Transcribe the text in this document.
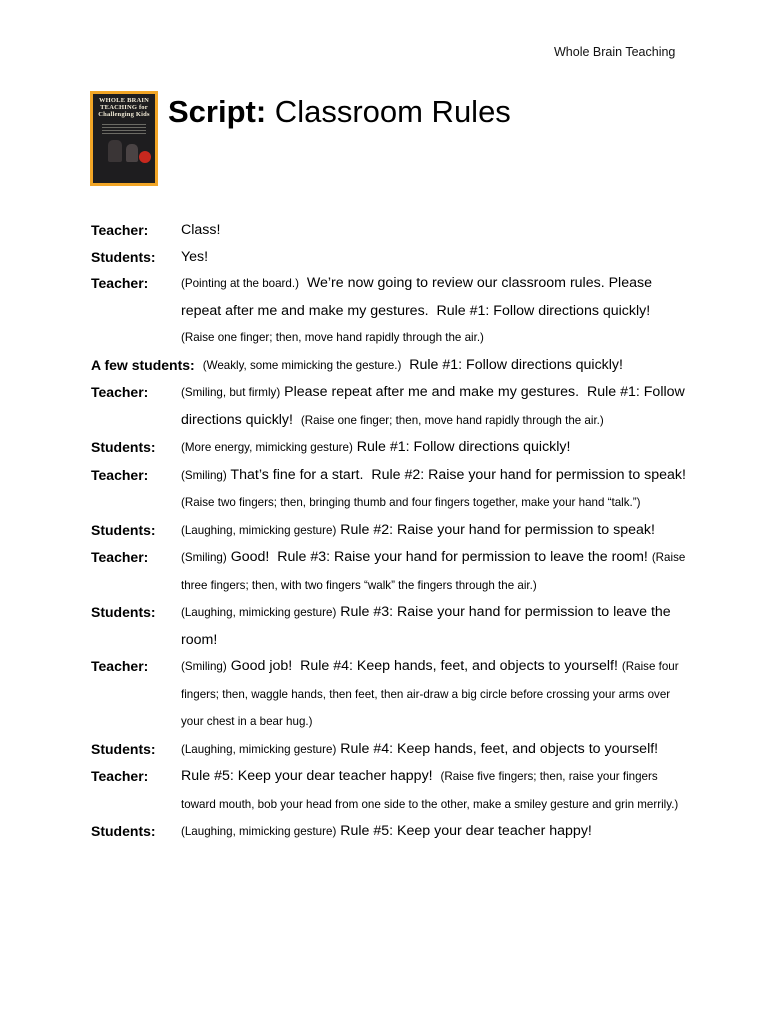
Whole Brain Teaching
WHOLE BRAIN TEACHING for Challenging Kids Script: Classroom Rules
Teacher:	Class!
Students:	Yes!
Teacher:	(Pointing at the board.)  We’re now going to review our classroom rules. Please repeat after me and make my gestures.  Rule #1: Follow directions quickly!  (Raise one finger; then, move hand rapidly through the air.)
A few students: (Weakly, some mimicking the gesture.)  Rule #1: Follow directions quickly!
Teacher:	(Smiling, but firmly) Please repeat after me and make my gestures.  Rule #1: Follow directions quickly!  (Raise one finger; then, move hand rapidly through the air.)
Students:	(More energy, mimicking gesture) Rule #1: Follow directions quickly!
Teacher:	(Smiling) That’s fine for a start.  Rule #2: Raise your hand for permission to speak! (Raise two fingers; then, bringing thumb and four fingers together, make your hand “talk.”)
Students:	(Laughing, mimicking gesture) Rule #2: Raise your hand for permission to speak!
Teacher:	(Smiling) Good!  Rule #3: Raise your hand for permission to leave the room! (Raise three fingers; then, with two fingers “walk” the fingers through the air.)
Students:	(Laughing, mimicking gesture) Rule #3: Raise your hand for permission to leave the room!
Teacher:	(Smiling) Good job!  Rule #4: Keep hands, feet, and objects to yourself! (Raise four fingers; then, waggle hands, then feet, then air-draw a big circle before crossing your arms over your chest in a bear hug.)
Students:	(Laughing, mimicking gesture) Rule #4: Keep hands, feet, and objects to yourself!
Teacher:	Rule #5: Keep your dear teacher happy!  (Raise five fingers; then, raise your fingers toward mouth, bob your head from one side to the other, make a smiley gesture and grin merrily.)
Students:	(Laughing, mimicking gesture) Rule #5: Keep your dear teacher happy!
